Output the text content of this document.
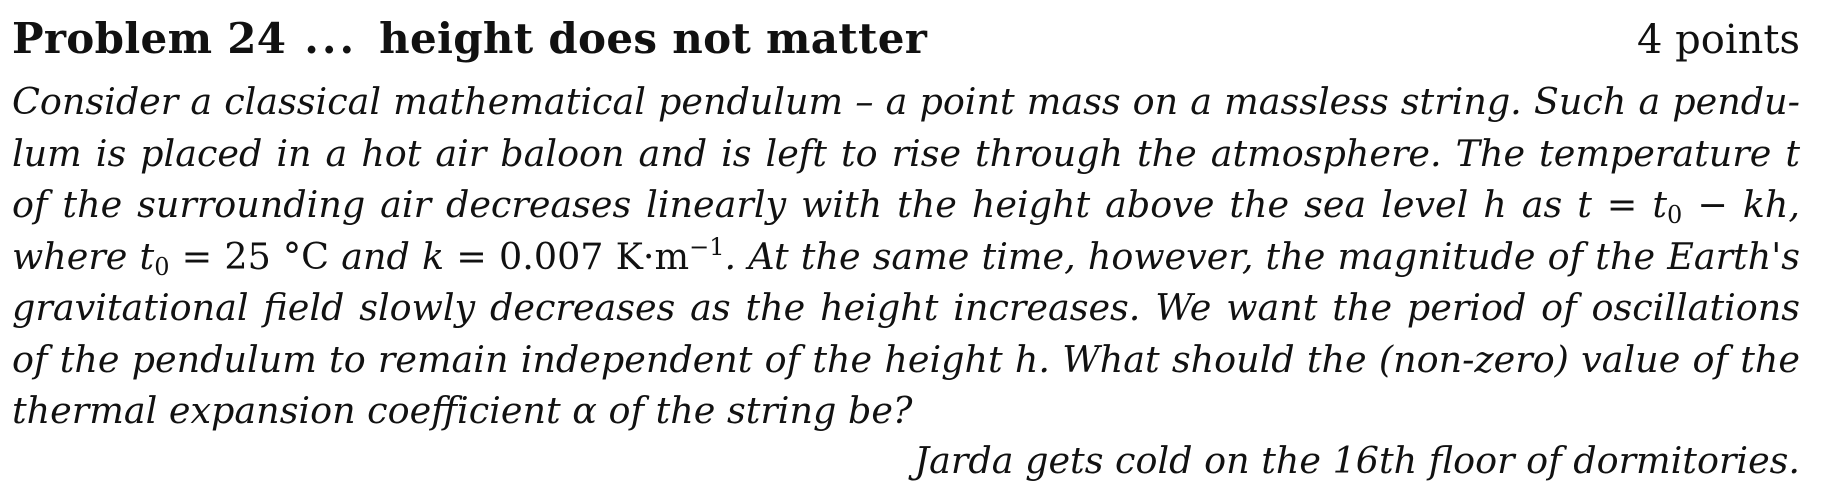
Problem 24 ... height does not matter	4 points
Consider a classical mathematical pendulum – a point mass on a massless string. Such a pendu-lum is placed in a hot air baloon and is left to rise through the atmosphere. The temperature t of the surrounding air decreases linearly with the height above the sea level h as $t = t_0$ − kh, where $t_0 = 25$ °C and k = 0.007 $K\cdot m^{-1}$. At the same time, however, the magnitude of the Earth's gravitational field slowly decreases as the height increases. We want the period of oscillations of the pendulum to remain independent of the height h. What should the (non-zero) value of the thermal expansion coefficient α of the string be?
Jarda gets cold on the 16th floor of dormitories.
